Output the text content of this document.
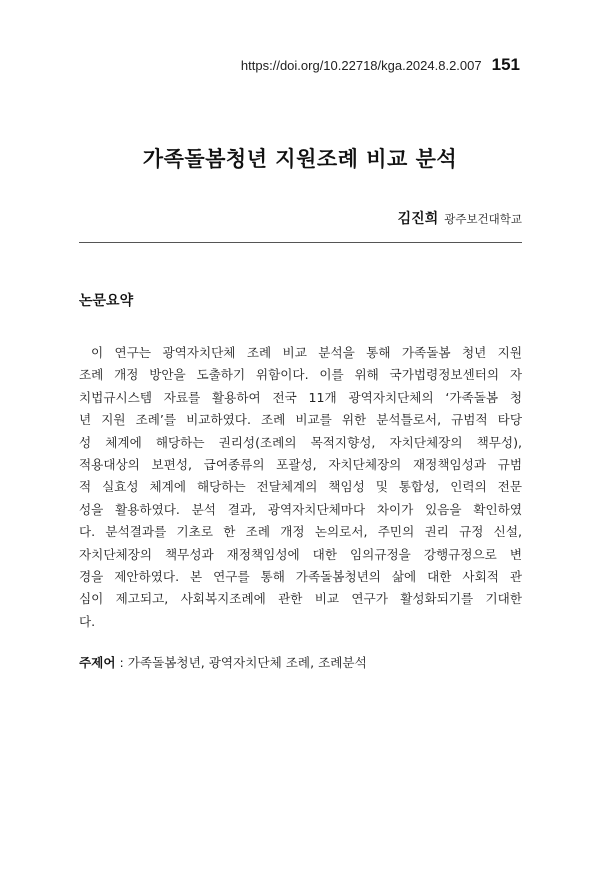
https://doi.org/10.22718/kga.2024.8.2.007 151
가족돌봄청년 지원조례 비교 분석
김진희 광주보건대학교
논문요약
이 연구는 광역자치단체 조례 비교 분석을 통해 가족돌봄 청년 지원
조례 개정 방안을 도출하기 위함이다. 이를 위해 국가법령정보센터의 자
치법규시스템 자료를 활용하여 전국 11개 광역자치단체의 ‘가족돌봄 청
년 지원 조례’를 비교하였다. 조례 비교를 위한 분석틀로서, 규범적 타당
성 체계에 해당하는 권리성(조례의 목적지향성, 자치단체장의 책무성),
적용대상의 보편성, 급여종류의 포괄성, 자치단체장의 재정책임성과 규범
적 실효성 체계에 해당하는 전달체계의 책임성 및 통합성, 인력의 전문
성을 활용하였다. 분석 결과, 광역자치단체마다 차이가 있음을 확인하였
다. 분석결과를 기초로 한 조례 개정 논의로서, 주민의 권리 규정 신설,
자치단체장의 책무성과 재정책임성에 대한 임의규정을 강행규정으로 변
경을 제안하였다. 본 연구를 통해 가족돌봄청년의 삶에 대한 사회적 관
심이 제고되고, 사회복지조례에 관한 비교 연구가 활성화되기를 기대한
다.
주제어 : 가족돌봄청년, 광역자치단체 조례, 조례분석
